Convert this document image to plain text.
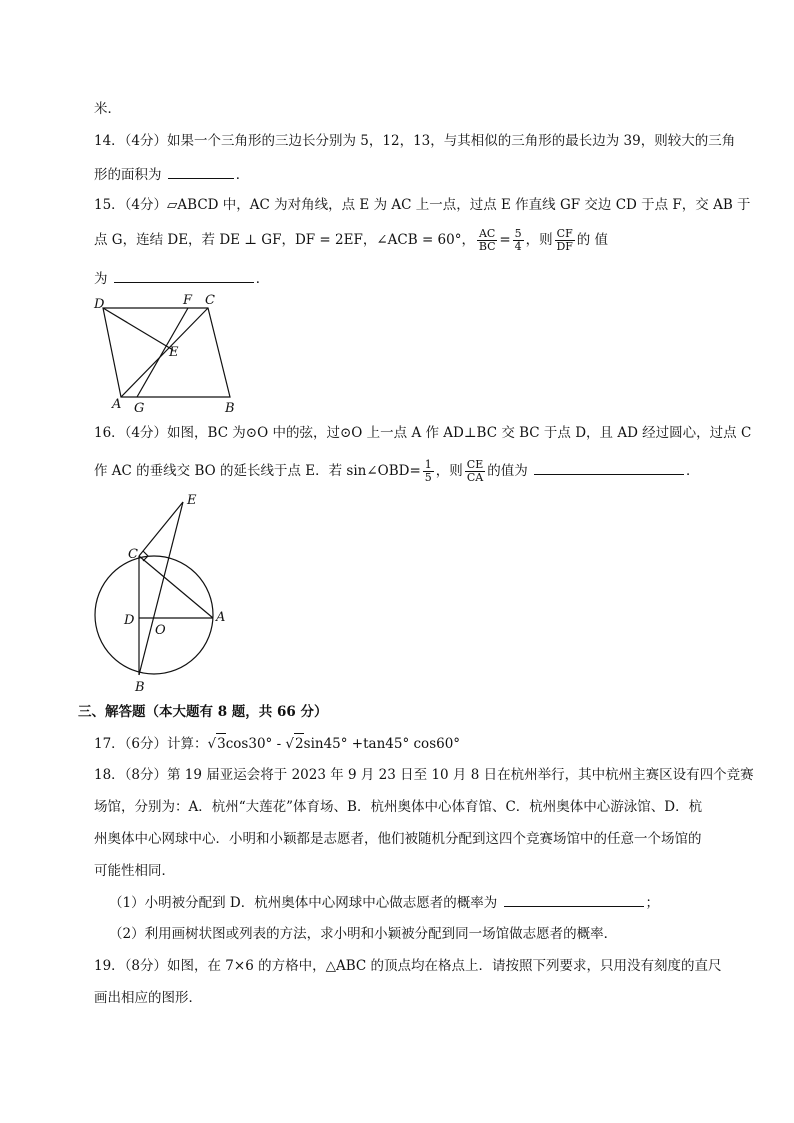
米．
14．（4分）如果一个三角形的三边长分别为 5，12，13，与其相似的三角形的最长边为 39，则较大的三角
形的面积为	．
15．（4分）▱ABCD 中，AC 为对角线，点 E 为 AC 上一点，过点 E 作直线 GF 交边 CD 于点 F，交 AB 于
点 G，连结 DE，若 DE ⊥ GF，DF = 2EF，∠ACB = 60°， $\frac{AC}{BC} = \frac{5}{4}$ ，则 $\frac{CF}{DF}$ 的 值
为	．
D	F C
E
A G	B
16．（4分）如图，BC 为⊙O 中的弦，过⊙O 上一点 A 作 AD⊥BC 交 BC 于点 D，且 AD 经过圆心，过点 C
作 AC 的垂线交 BO 的延长线于点 E．若 sin∠OBD= $\frac{1}{5}$ ，则 $\frac{CE}{CA}$ 的值为	．
E
C
D
O
A
B
三、解答题（本大题有 8 题，共 66 分）
17．（6分）计算：√3cos30° - √2sin45° +tan45° cos60°
18．（8分）第 19 届亚运会将于 2023 年 9 月 23 日至 10 月 8 日在杭州举行，其中杭州主赛区设有四个竞赛
场馆，分别为：A．杭州“大莲花”体育场、B．杭州奥体中心体育馆、C．杭州奥体中心游泳馆、D．杭
州奥体中心网球中心．小明和小颖都是志愿者，他们被随机分配到这四个竞赛场馆中的任意一个场馆的
可能性相同．
（1）小明被分配到 D．杭州奥体中心网球中心做志愿者的概率为	；
（2）利用画树状图或列表的方法，求小明和小颖被分配到同一场馆做志愿者的概率．
19．（8分）如图，在 7×6 的方格中，△ABC 的顶点均在格点上．请按照下列要求，只用没有刻度的直尺
画出相应的图形．
